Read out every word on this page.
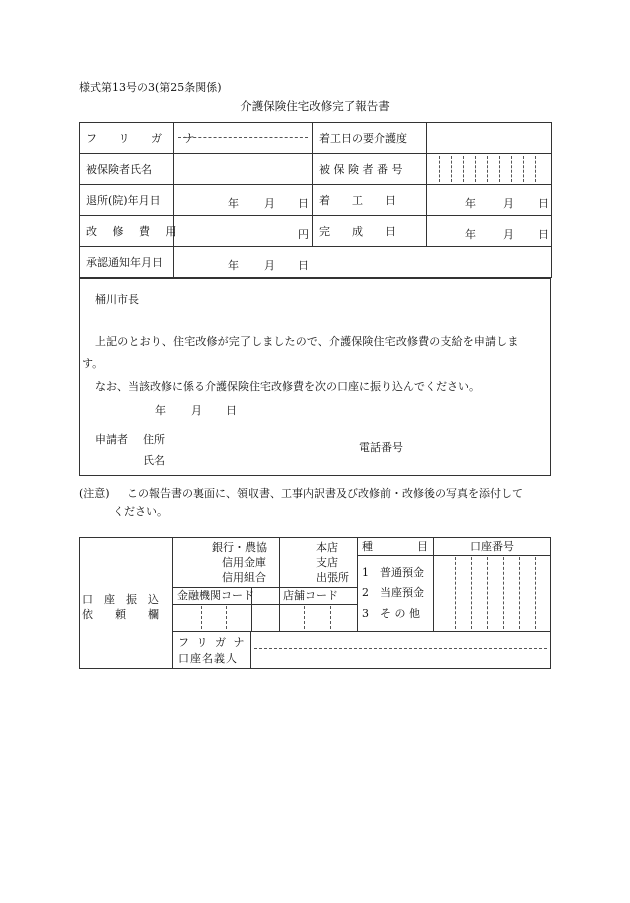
様式第13号の3(第25条関係)
介護保険住宅改修完了報告書
フ リ ガ ナ		着工日の要介護度	
被保険者氏名		被 保 険 者 番 号	

退所(院)年月日	年 月 日	着　　工　　日	年 月 日

改 修 費 用	円	完　　成　　日	年 月 日

承認通知年月日	年 月 日		
桶川市長
上記のとおり、住宅改修が完了しましたので、介護保険住宅改修費の支給を申請しま
す。
なお、当該改修に係る介護保険住宅改修費を次の口座に振り込んでください。
年 月 日
申請者 住所
電話番号
氏名
(注意) この報告書の裏面に、領収書、工事内訳書及び改修前・改修後の写真を添付して
ください。
口　座　振　込
依　　頼　　欄
銀行・農協
信用金庫
信用組合
本店
支店
出張所
種　　　　目	口座番号
1　普通預金
2　当座預金
3　そ の 他
金融機関コード	店舗コード
フ リ ガ ナ
口座名義人
